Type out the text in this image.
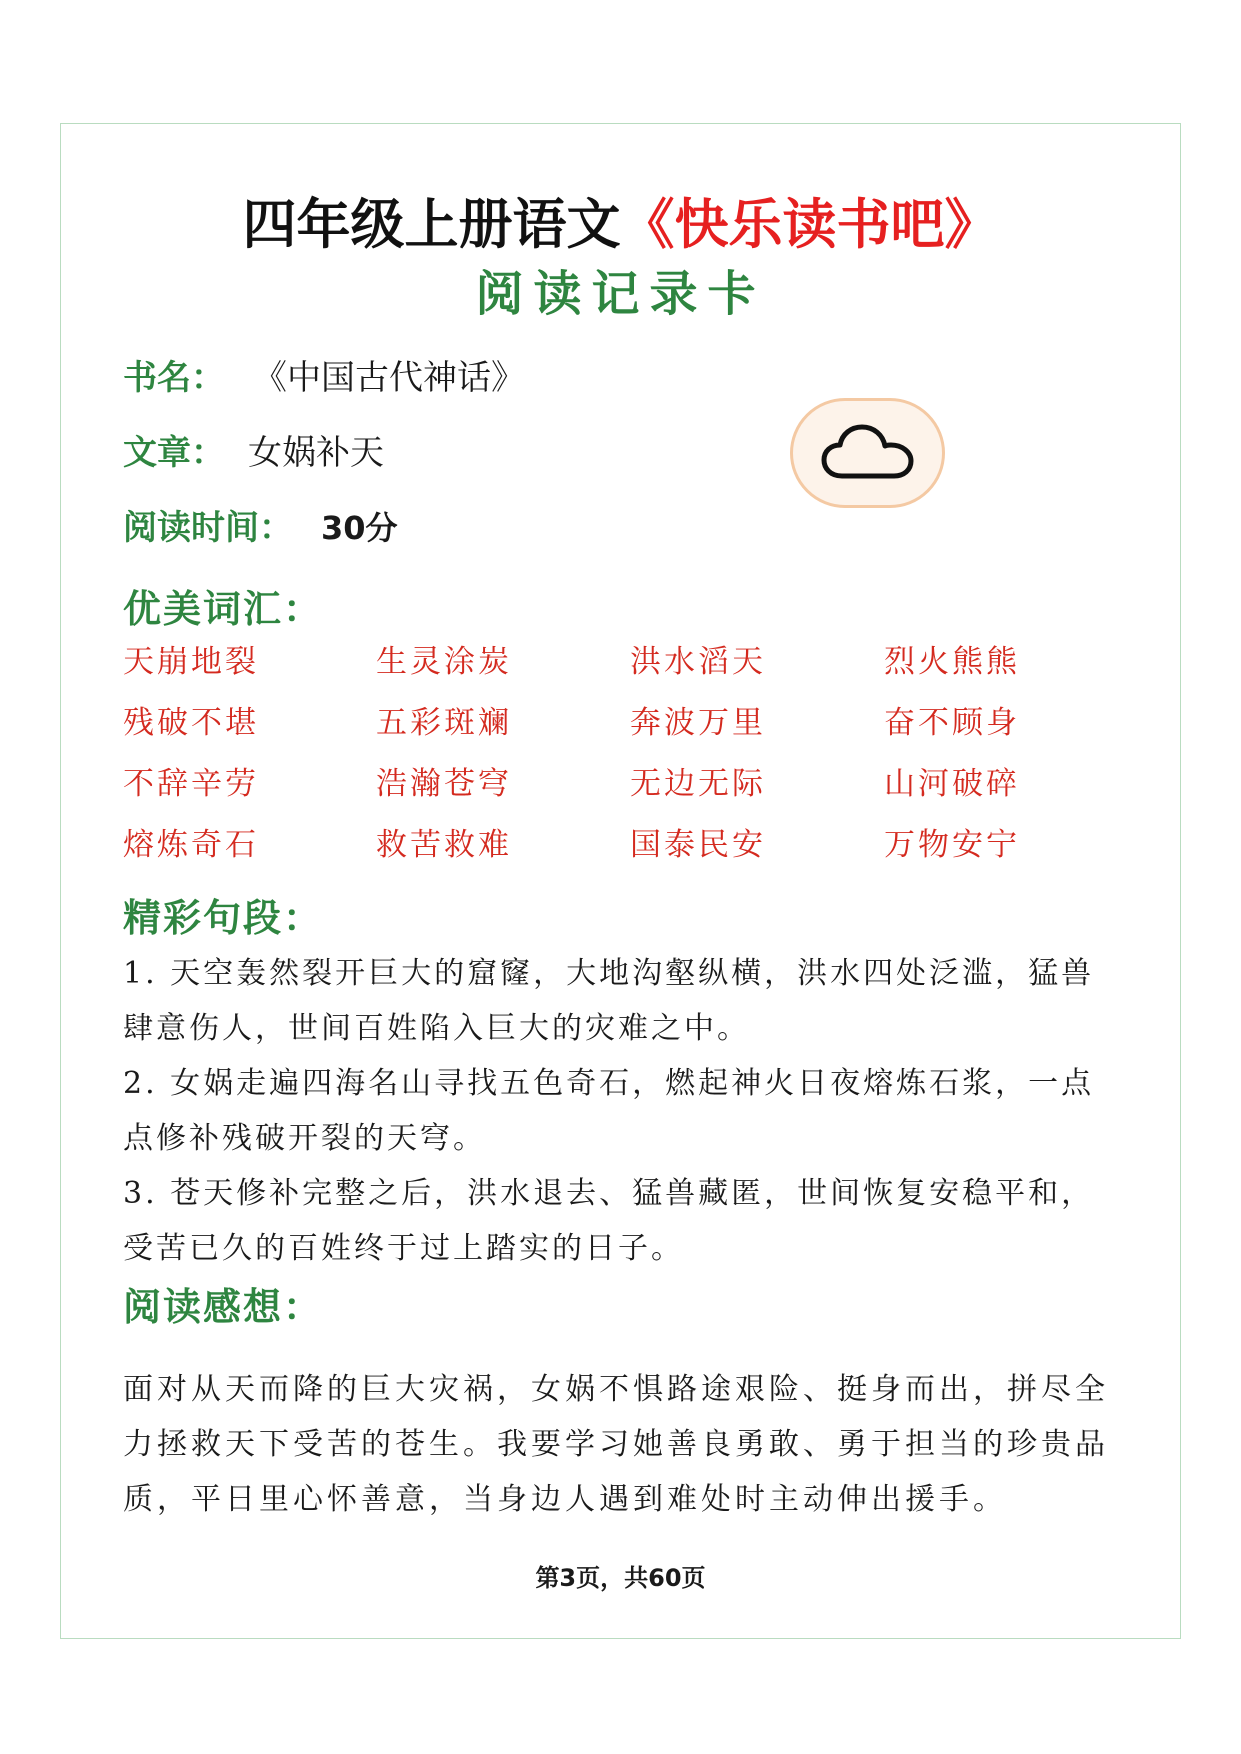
四年级上册语文《快乐读书吧》
阅读记录卡
书名： 《中国古代神话》
文章： 女娲补天
阅读时间： 30分
优美词汇：
天崩地裂	生灵涂炭	洪水滔天	烈火熊熊
残破不堪	五彩斑斓	奔波万里	奋不顾身
不辞辛劳	浩瀚苍穹	无边无际	山河破碎
熔炼奇石	救苦救难	国泰民安	万物安宁
精彩句段：
1. 天空轰然裂开巨大的窟窿，大地沟壑纵横，洪水四处泛滥，猛兽肆意伤人，世间百姓陷入巨大的灾难之中。
2. 女娲走遍四海名山寻找五色奇石，燃起神火日夜熔炼石浆，一点点修补残破开裂的天穹。
3. 苍天修补完整之后，洪水退去、猛兽藏匿，世间恢复安稳平和，受苦已久的百姓终于过上踏实的日子。
阅读感想：
面对从天而降的巨大灾祸，女娲不惧路途艰险、挺身而出，拼尽全力拯救天下受苦的苍生。我要学习她善良勇敢、勇于担当的珍贵品质，平日里心怀善意，当身边人遇到难处时主动伸出援手。
第3页，共60页
